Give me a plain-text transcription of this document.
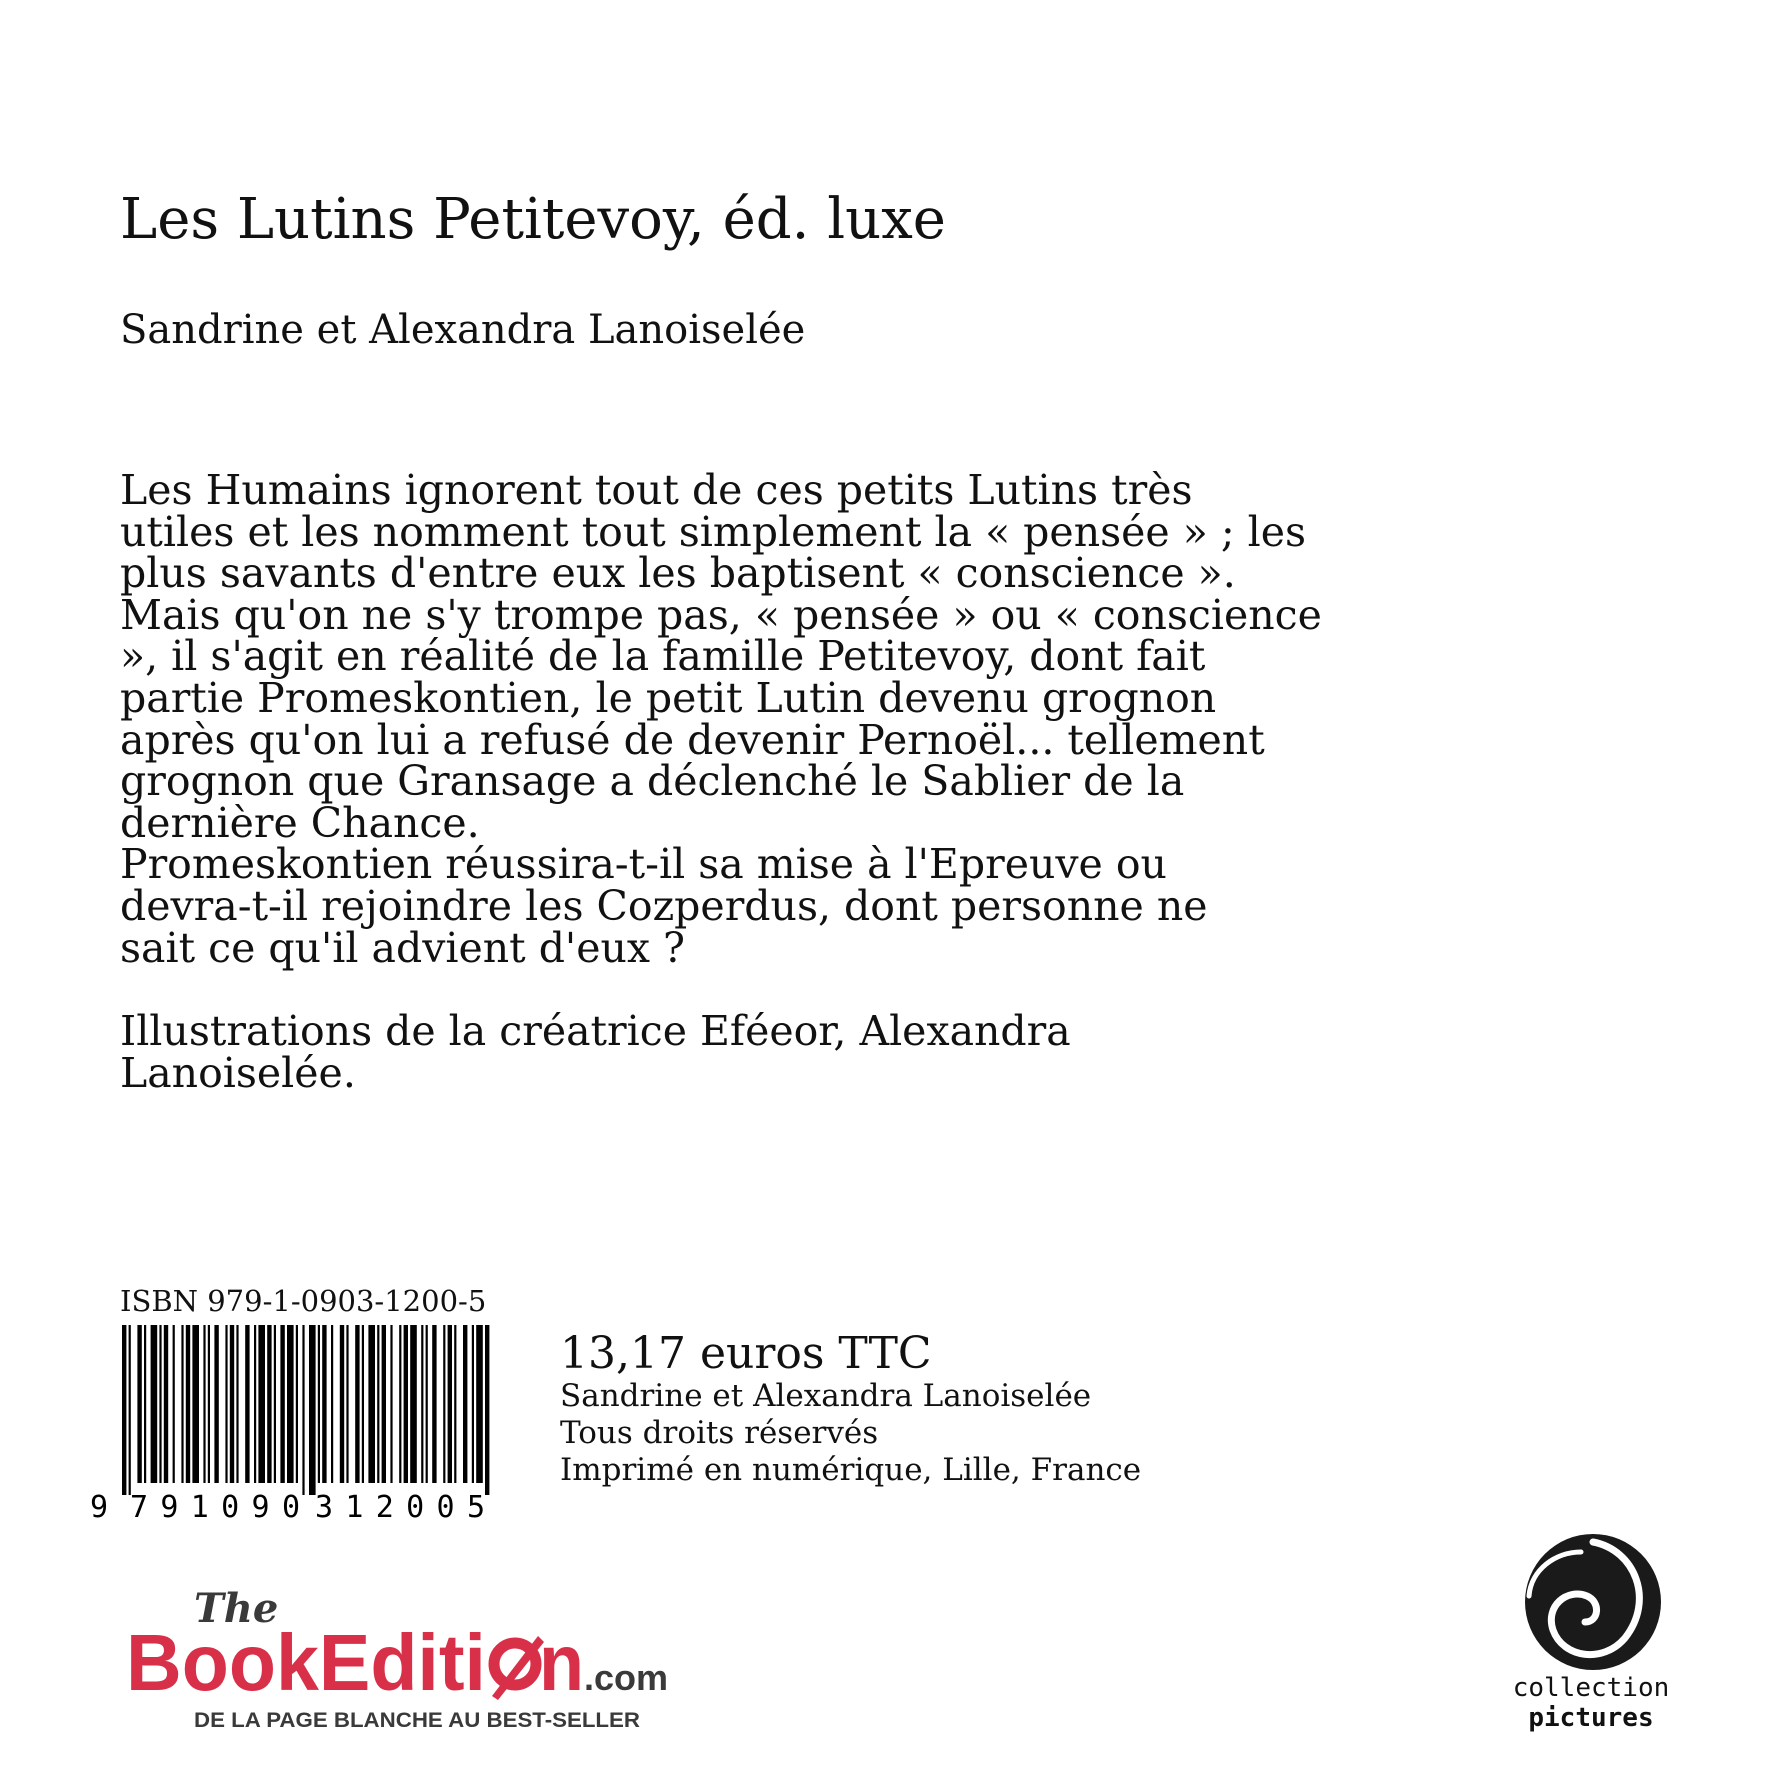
Les Lutins Petitevoy, éd. luxe
Sandrine et Alexandra Lanoiselée
Les Humains ignorent tout de ces petits Lutins très
utiles et les nomment tout simplement la « pensée » ; les
plus savants d'entre eux les baptisent « conscience ».
Mais qu'on ne s'y trompe pas, « pensée » ou « conscience
», il s'agit en réalité de la famille Petitevoy, dont fait
partie Promeskontien, le petit Lutin devenu grognon
après qu'on lui a refusé de devenir Pernoël... tellement
grognon que Gransage a déclenché le Sablier de la
dernière Chance.
Promeskontien réussira-t-il sa mise à l'Epreuve ou
devra-t-il rejoindre les Cozperdus, dont personne ne
sait ce qu'il advient d'eux ?
Illustrations de la créatrice Eféeor, Alexandra
Lanoiselée.
ISBN 979-1-0903-1200-5
9 791090 312005
13,17 euros TTC
Sandrine et Alexandra Lanoiselée
Tous droits réservés
Imprimé en numérique, Lille, France
The
BookEditi n .com
DE LA PAGE BLANCHE AU BEST-SELLER
collection
pictures
